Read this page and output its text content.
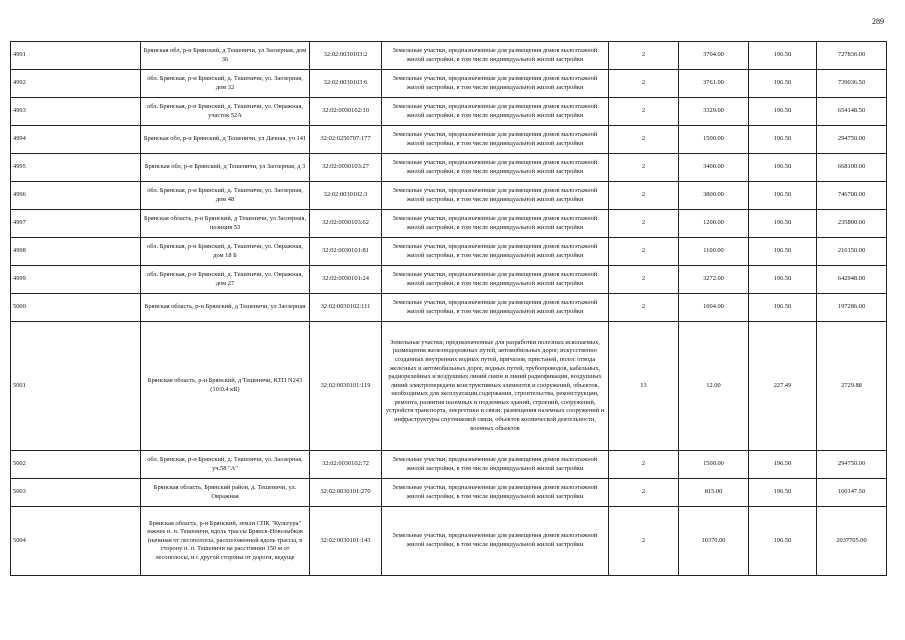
289
4991	Брянская обл, р-н Брянский, д Тешеничи, ул Заозерная, дом 36	32:02:0030103:2	Земельные участки, предназначенные для размещения домов малоэтажной жилой застройки, в том числе индивидуальной жилой застройки	2	3704.00	196.50	727836.00
4992	обл. Брянская, р-н Брянский, д. Тешеничи, ул. Заозерная, дом 32	32:02:0030103:6	Земельные участки, предназначенные для размещения домов малоэтажной жилой застройки, в том числе индивидуальной жилой застройки	2	3761.00	196.50	739036.50
4993	обл. Брянская, р-н Брянский, д. Тешеничи, ул. Овражная, участок 52А	32:02:0030102:10	Земельные участки, предназначенные для размещения домов малоэтажной жилой застройки, в том числе индивидуальной жилой застройки	2	3329.00	196.50	654148.50
4994	Брянская обл, р-н Брянский, д Тешеничи, ул Дачная, уч 141	32:02:0250707:177	Земельные участки, предназначенные для размещения домов малоэтажной жилой застройки, в том числе индивидуальной жилой застройки	2	1500.00	196.50	294750.00
4995	Брянская обл, р-н Брянский, д Тешеничи, ул Заозерная, д 3	32:02:0030103:27	Земельные участки, предназначенные для размещения домов малоэтажной жилой застройки, в том числе индивидуальной жилой застройки	2	3400.00	196.50	668100.00
4996	обл. Брянская, р-н Брянский, д. Тешеничи, ул. Заозерная, дом 48	32:02:0030102:3	Земельные участки, предназначенные для размещения домов малоэтажной жилой застройки, в том числе индивидуальной жилой застройки	2	3800.00	196.50	746700.00
4997	Брянская область, р-н Брянский, д Тешеничи, ул Заозерная, позиция 53	32:02:0030103:62	Земельные участки, предназначенные для размещения домов малоэтажной жилой застройки, в том числе индивидуальной жилой застройки	2	1200.00	196.50	235800.00
4998	обл. Брянская, р-н Брянский, д. Тешеничи, ул. Овражная, дом 18 Б	32:02:0030101:81	Земельные участки, предназначенные для размещения домов малоэтажной жилой застройки, в том числе индивидуальной жилой застройки	2	1100.00	196.50	216150.00
4999	обл. Брянская, р-н Брянский, д. Тешеничи, ул. Овражная, дом 27	32:02:0030101:24	Земельные участки, предназначенные для размещения домов малоэтажной жилой застройки, в том числе индивидуальной жилой застройки	2	3272.00	196.50	642948.00
5000	Брянская область, р-н Брянский, д Тешеничи, ул Заозерная	32:02:0030102:111	Земельные участки, предназначенные для размещения домов малоэтажной жилой застройки, в том числе индивидуальной жилой застройки	2	1004.00	196.50	197286.00
5001	Брянская область, р-н Брянский, д Тешеничи, КТП N243 (10/0.4 кВ)	32:02:0030101:119	Земельные участки, предназначенные для разработки полезных ископаемых, размещения железнодорожных путей, автомобильных дорог, искусственно созданных внутренних водных путей, причалов, пристаней, полос отвода железных и автомобильных дорог, водных путей, трубопроводов, кабельных, радиорелейных и воздушных линий связи и линий радиофикации, воздушных линий электропередачи конструктивных элементов и сооружений, объектов, необходимых для эксплуатации,содержания, строительства, реконструкции, ремонта, развития наземных и подземных зданий, строений, сооружений, устройств транспорта, энергетики и связи; размещения наземных сооружений и инфраструктуры спутниковой связи, объектов космической деятельности, военных объектов	13	12.00	227.49	2729.88
5002	обл. Брянская, р-н Брянский, д. Тешеничи, ул. Заозерная, уч.58 "А"	32:02:0030102:72	Земельные участки, предназначенные для размещения домов малоэтажной жилой застройки, в том числе индивидуальной жилой застройки	2	1500.00	196.50	294750.00
5003	Брянская область, Брянский район, д. Тешеничи, ул. Овражная	32:02:0030101:270	Земельные участки, предназначенные для размещения домов малоэтажной жилой застройки, в том числе индивидуальной жилой застройки	2	815.00	196.50	160147.50
5004	Брянская область, р-н Брянский, земли СПК "Культура" южнее н. п. Тешеничи, вдоль трассы Брянск-Новозыбков (начиная от лесополосы, расположенной вдоль трассы, в сторону н. п. Тешеничи на расстоянии 150 м от лесополосы, и с другой стороны от дороги, ведуще	32:02:0030101:143	Земельные участки, предназначенные для размещения домов малоэтажной жилой застройки, в том числе индивидуальной жилой застройки	2	10370.00	196.50	2037705.00
